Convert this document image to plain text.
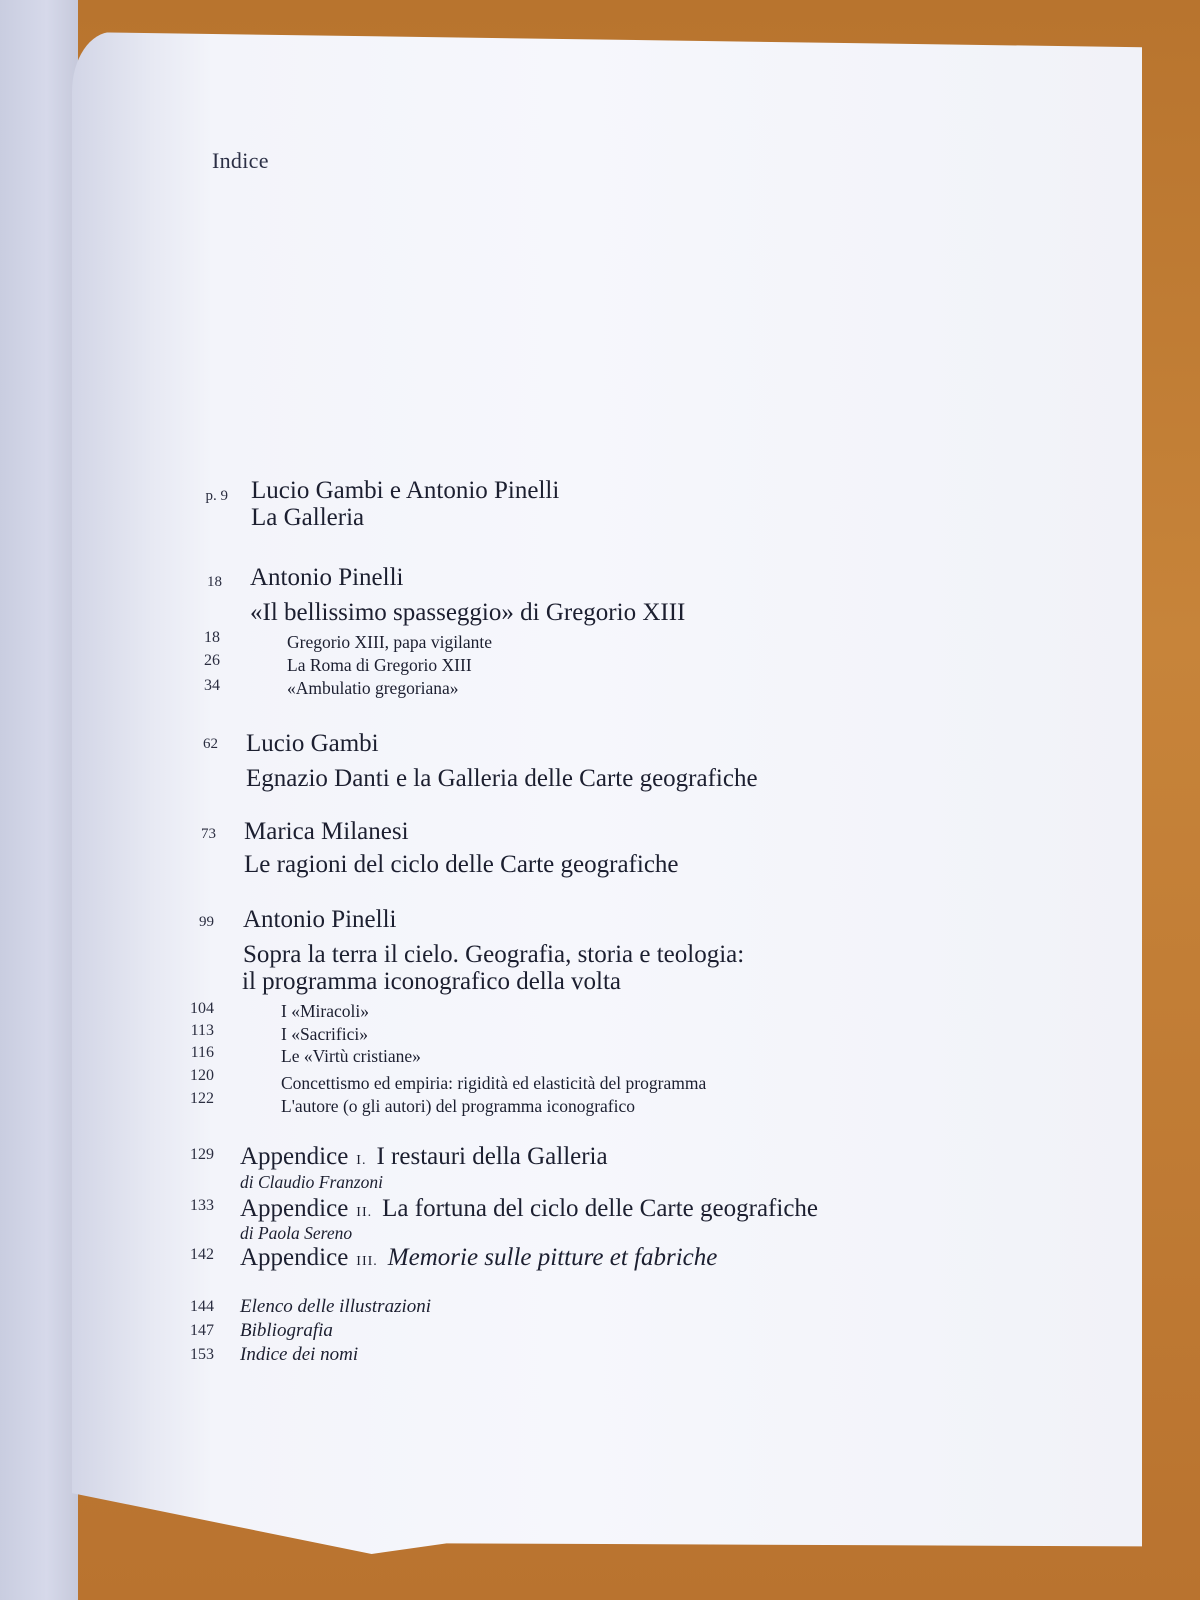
Indice
p. 9 Lucio Gambi e Antonio Pinelli
La Galleria
18 Antonio Pinelli
«Il bellissimo spasseggio» di Gregorio XIII
18	Gregorio XIII, papa vigilante
26	La Roma di Gregorio XIII
34	«Ambulatio gregoriana»
62 Lucio Gambi
Egnazio Danti e la Galleria delle Carte geografiche
73 Marica Milanesi
Le ragioni del ciclo delle Carte geografiche
99 Antonio Pinelli
Sopra la terra il cielo. Geografia, storia e teologia:
il programma iconografico della volta
104	I «Miracoli»
113	I «Sacrifici»
116	Le «Virtù cristiane»
120	Concettismo ed empiria: rigidità ed elasticità del programma
122	L'autore (o gli autori) del programma iconografico
129 Appendice I. I restauri della Galleria
di Claudio Franzoni
133 Appendice II. La fortuna del ciclo delle Carte geografiche
di Paola Sereno
142 Appendice III. Memorie sulle pitture et fabriche
144 Elenco delle illustrazioni
147 Bibliografia
153 Indice dei nomi
